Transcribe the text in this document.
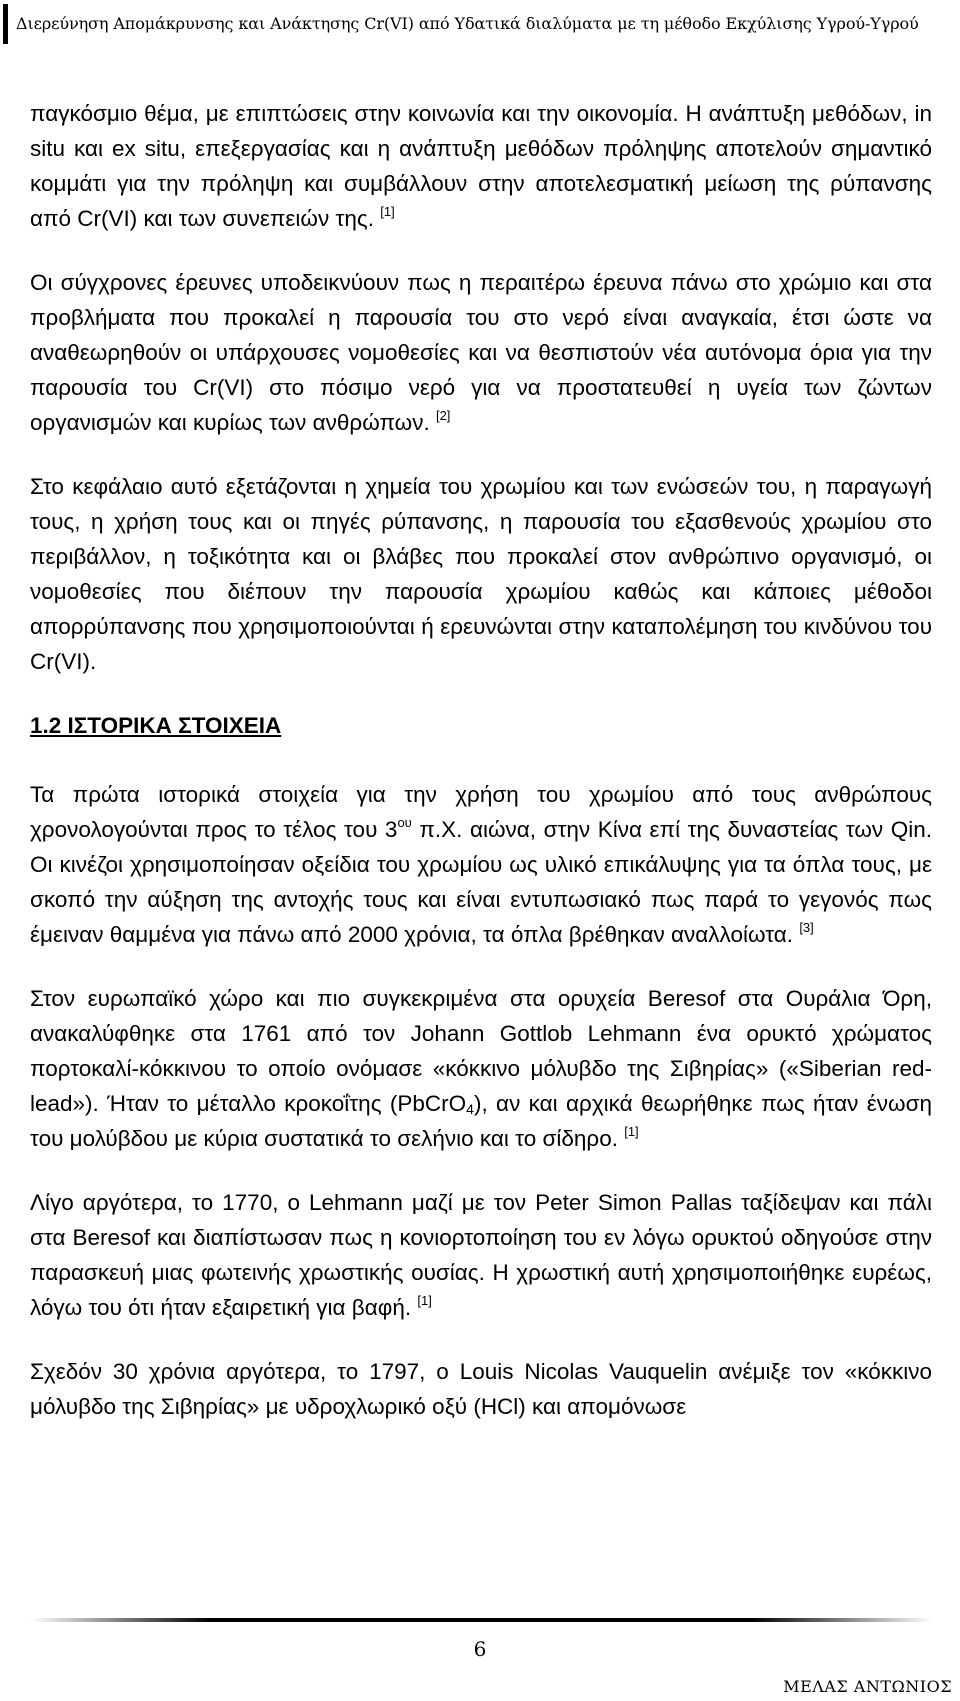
Διερεύνηση Απομάκρυνσης και Ανάκτησης Cr(VI) από Υδατικά διαλύματα με τη μέθοδο Εκχύλισης Υγρού-Υγρού

παγκόσμιο θέμα, με επιπτώσεις στην κοινωνία και την οικονομία. Η ανάπτυξη μεθόδων, in situ και ex situ, επεξεργασίας και η ανάπτυξη μεθόδων πρόληψης αποτελούν σημαντικό κομμάτι για την πρόληψη και συμβάλλουν στην αποτελεσματική μείωση της ρύπανσης από Cr(VI) και των συνεπειών της. [1]

Οι σύγχρονες έρευνες υποδεικνύουν πως η περαιτέρω έρευνα πάνω στο χρώμιο και στα προβλήματα που προκαλεί η παρουσία του στο νερό είναι αναγκαία, έτσι ώστε να αναθεωρηθούν οι υπάρχουσες νομοθεσίες και να θεσπιστούν νέα αυτόνομα όρια για την παρουσία του Cr(VI) στο πόσιμο νερό για να προστατευθεί η υγεία των ζώντων οργανισμών και κυρίως των ανθρώπων. [2]

Στο κεφάλαιο αυτό εξετάζονται η χημεία του χρωμίου και των ενώσεών του, η παραγωγή τους, η χρήση τους και οι πηγές ρύπανσης, η παρουσία του εξασθενούς χρωμίου στο περιβάλλον, η τοξικότητα και οι βλάβες που προκαλεί στον ανθρώπινο οργανισμό, οι νομοθεσίες που διέπουν την παρουσία χρωμίου καθώς και κάποιες μέθοδοι απορρύπανσης που χρησιμοποιούνται ή ερευνώνται στην καταπολέμηση του κινδύνου του Cr(VI).

1.2 ΙΣΤΟΡΙΚΑ ΣΤΟΙΧΕΙΑ

Τα πρώτα ιστορικά στοιχεία για την χρήση του χρωμίου από τους ανθρώπους χρονολογούνται προς το τέλος του $3^{o\upsilon}$ π.Χ. αιώνα, στην Κίνα επί της δυναστείας των Qin. Οι κινέζοι χρησιμοποίησαν οξείδια του χρωμίου ως υλικό επικάλυψης για τα όπλα τους, με σκοπό την αύξηση της αντοχής τους και είναι εντυπωσιακό πως παρά το γεγονός πως έμειναν θαμμένα για πάνω από 2000 χρόνια, τα όπλα βρέθηκαν αναλλοίωτα. [3]

Στον ευρωπαϊκό χώρο και πιο συγκεκριμένα στα ορυχεία Beresof στα Ουράλια Όρη, ανακαλύφθηκε στα 1761 από τον Johann Gottlob Lehmann ένα ορυκτό χρώματος πορτοκαλί-κόκκινου το οποίο ονόμασε «κόκκινο μόλυβδο της Σιβηρίας» («Siberian red-lead»). Ήταν το μέταλλο κροκοΐτης (PbCrO$_4$), αν και αρχικά θεωρήθηκε πως ήταν ένωση του μολύβδου με κύρια συστατικά το σελήνιο και το σίδηρο. [1]

Λίγο αργότερα, το 1770, ο Lehmann μαζί με τον Peter Simon Pallas ταξίδεψαν και πάλι στα Beresof και διαπίστωσαν πως η κονιορτοποίηση του εν λόγω ορυκτού οδηγούσε στην παρασκευή μιας φωτεινής χρωστικής ουσίας. Η χρωστική αυτή χρησιμοποιήθηκε ευρέως, λόγω του ότι ήταν εξαιρετική για βαφή. [1]

Σχεδόν 30 χρόνια αργότερα, το 1797, ο Louis Nicolas Vauquelin ανέμιξε τον «κόκκινο μόλυβδο της Σιβηρίας» με υδροχλωρικό οξύ (HCl) και απομόνωσε

6
ΜΕΛΑΣ ΑΝΤΩΝΙΟΣ
